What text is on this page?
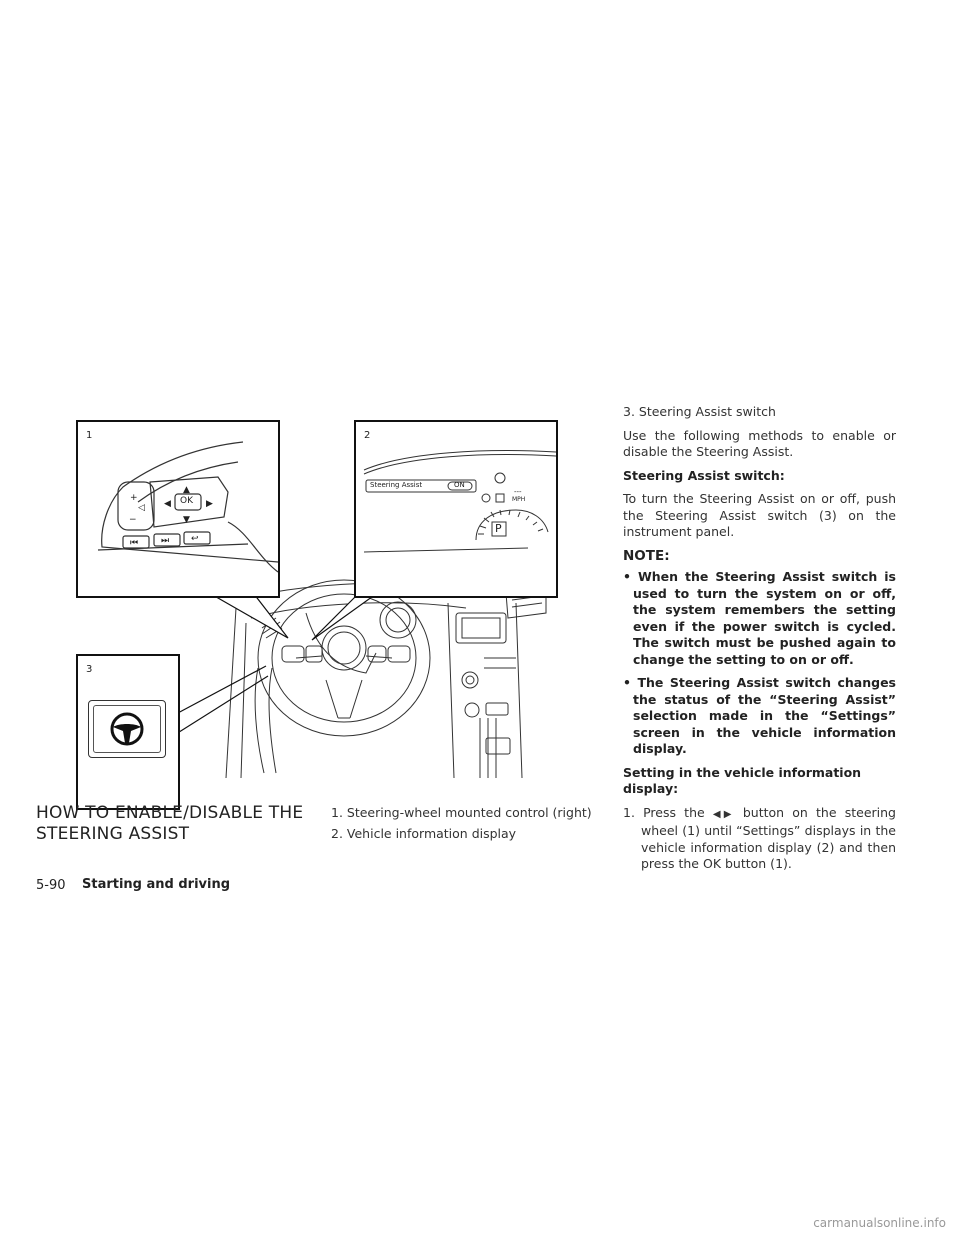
1
+
−
◁
▲
▼
◀	▶
⏮	⏭ ↩
OK
2
Steering Assist	ON
---
MPH
P
3
HOW TO ENABLE/DISABLE THE STEERING ASSIST
1. Steering-wheel mounted control (right)
2. Vehicle information display

3. Steering Assist switch

Use the following methods to enable or disable the Steering Assist.

Steering Assist switch:

To turn the Steering Assist on or off, push the Steering Assist switch (3) on the instrument panel.

NOTE:

• When the Steering Assist switch is used to turn the system on or off, the system remembers the setting even if the power switch is cycled. The switch must be pushed again to change the setting to on or off.

• The Steering Assist switch changes the status of the “Steering Assist” selection made in the “Settings” screen in the vehicle information display.

Setting in the vehicle information display:

1. Press the ◀▶ button on the steering wheel (1) until “Settings” displays in the vehicle information display (2) and then press the OK button (1).

5-90 Starting and driving
carmanualsonline.info
